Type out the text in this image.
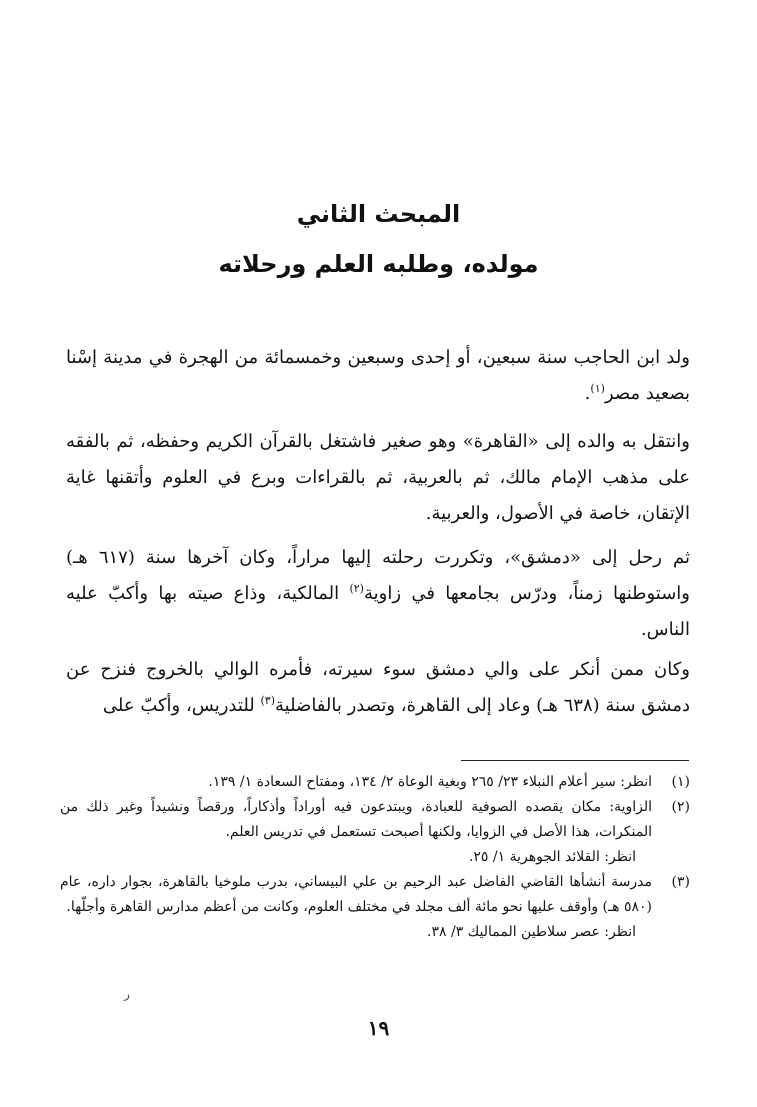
المبحث الثاني
مولده، وطلبه العلم ورحلاته

ولد ابن الحاجب سنة سبعين، أو إحدى وسبعين وخمسمائة من الهجرة في مدينة إسْنا بصعيد مصر$^{(١)}$.

وانتقل به والده إلى «القاهرة» وهو صغير فاشتغل بالقرآن الكريم وحفظه، ثم بالفقه على مذهب الإمام مالك، ثم بالعربية، ثم بالقراءات وبرع في العلوم وأتقنها غاية الإتقان، خاصة في الأصول، والعربية.

ثم رحل إلى «دمشق»، وتكررت رحلته إليها مراراً، وكان آخرها سنة (٦١٧ هـ) واستوطنها زمناً، ودرّس بجامعها في زاوية$^{(٢)}$ المالكية، وذاع صيته بها وأكبّ عليه الناس.

وكان ممن أنكر على والي دمشق سوء سيرته، فأمره الوالي بالخروج فنزح عن دمشق سنة (٦٣٨ هـ) وعاد إلى القاهرة، وتصدر بالفاضلية$^{(٣)}$ للتدريس، وأكبّ على

(١)
انظر: سير أعلام النبلاء ٢٣/ ٢٦٥ وبغية الوعاة ٢/ ١٣٤، ومفتاح السعادة ١/ ١٣٩.
(٢)
الزاوية: مكان يقصده الصوفية للعبادة، ويبتدعون فيه أوراداً وأذكاراً، ورقصاً ونشيداً وغير ذلك من المنكرات، هذا الأصل في الزوايا، ولكنها أصبحت تستعمل في تدريس العلم.
انظر: القلائد الجوهرية ١/ ٢٥.
(٣)
مدرسة أنشأها القاضي الفاضل عبد الرحيم بن علي البيساني، بدرب ملوخيا بالقاهرة، بجوار داره، عام (٥٨٠ هـ) وأوقف عليها نحو مائة ألف مجلد في مختلف العلوم، وكانت من أعظم مدارس القاهرة وأجلّها.
انظر: عصر سلاطين المماليك ٣/ ٣٨.
ر
١٩
